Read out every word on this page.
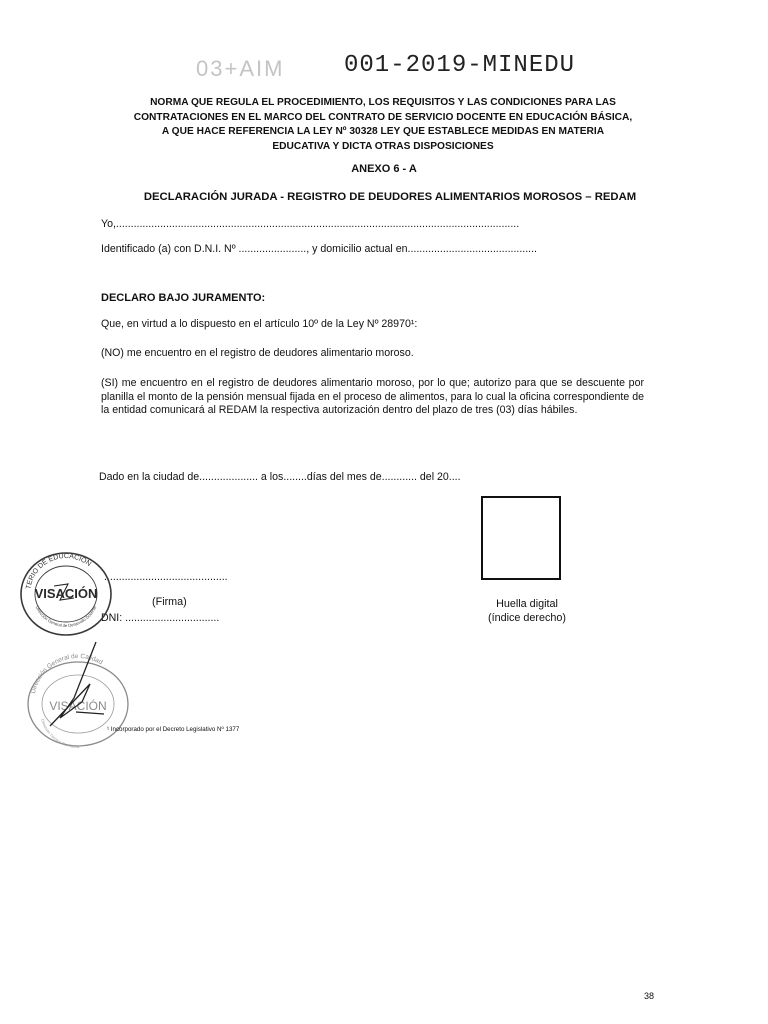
03+AIM 001-2019-MINEDU
NORMA QUE REGULA EL PROCEDIMIENTO, LOS REQUISITOS Y LAS CONDICIONES PARA LAS
CONTRATACIONES EN EL MARCO DEL CONTRATO DE SERVICIO DOCENTE EN EDUCACIÓN BÁSICA,
A QUE HACE REFERENCIA LA LEY Nº 30328 LEY QUE ESTABLECE MEDIDAS EN MATERIA
EDUCATIVA Y DICTA OTRAS DISPOSICIONES
ANEXO 6 - A
DECLARACIÓN JURADA - REGISTRO DE DEUDORES ALIMENTARIOS MOROSOS – REDAM
Yo,.........................................................................................................................................
Identificado (a) con D.N.I. Nº ......................., y domicilio actual en............................................
DECLARO BAJO JURAMENTO:

Que, en virtud a lo dispuesto en el artículo 10º de la Ley Nº 28970¹:

(NO) me encuentro en el registro de deudores alimentario moroso.

(SI) me encuentro en el registro de deudores alimentario moroso, por lo que; autorizo para que se descuente por planilla el monto de la pensión mensual fijada en el proceso de alimentos, para lo cual la oficina correspondiente de la entidad comunicará al REDAM la respectiva autorización dentro del plazo de tres (03) días hábiles.

Dado en la ciudad de.................... a los........días del mes de............ del 20....
Huella digital
(índice derecho)
..........................................
(Firma)
DNI: ................................
TERIO DE EDUCACIÓN
VISACIÓN
Dirección General de Desarrollo Docente
Dirección General de Calidad
VISACIÓN
Dirección Técnico Normativa
¹ Incorporado por el Decreto Legislativo Nº 1377
38
